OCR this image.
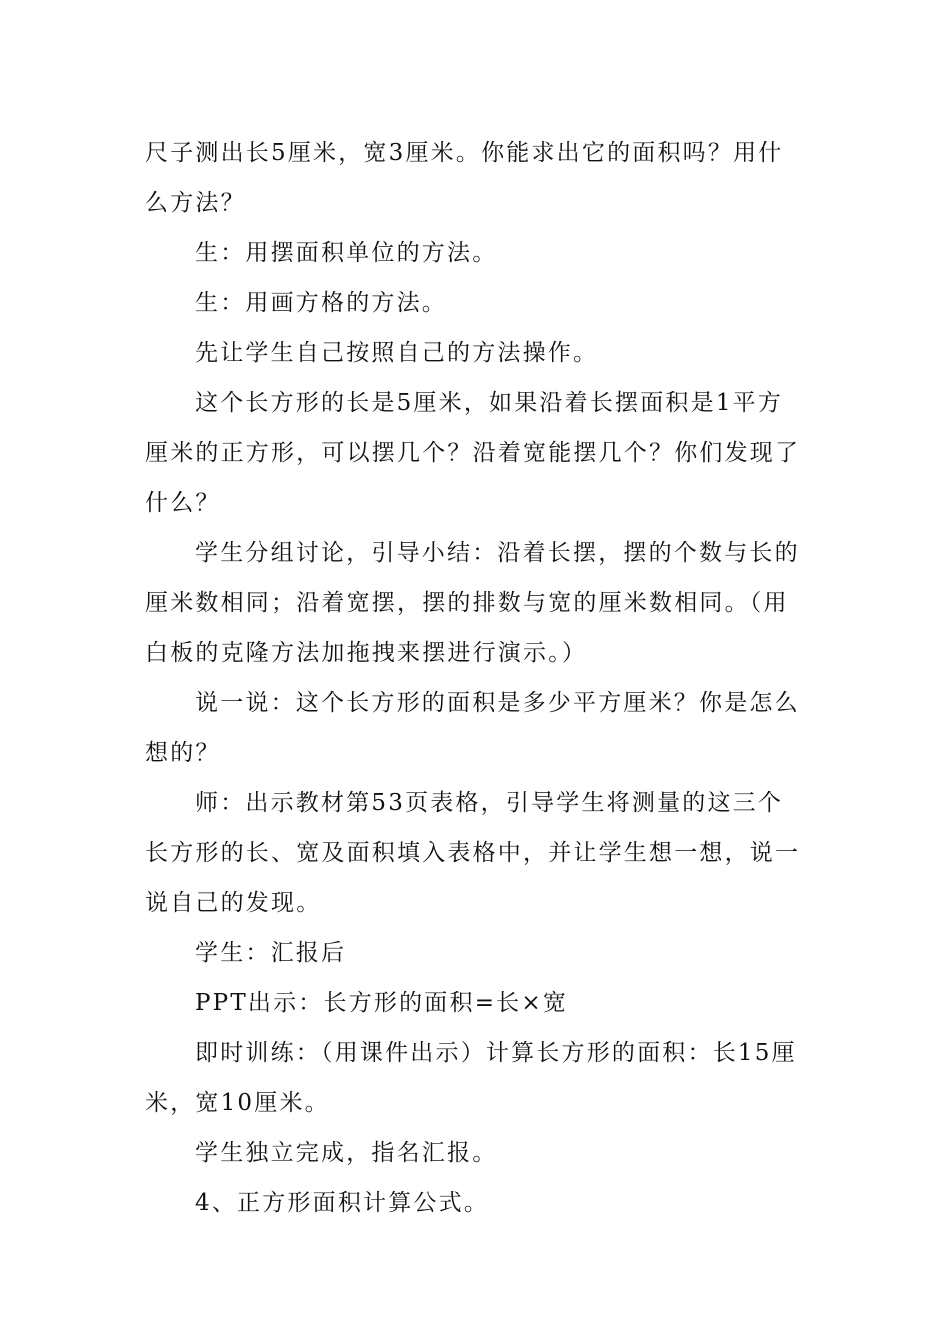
尺子测出长5厘米，宽3厘米。你能求出它的面积吗？用什么方法？

生：用摆面积单位的方法。

生：用画方格的方法。

先让学生自己按照自己的方法操作。

这个长方形的长是5厘米，如果沿着长摆面积是1平方厘米的正方形，可以摆几个？沿着宽能摆几个？你们发现了什么？

学生分组讨论，引导小结：沿着长摆，摆的个数与长的厘米数相同；沿着宽摆，摆的排数与宽的厘米数相同。（用白板的克隆方法加拖拽来摆进行演示。）

说一说：这个长方形的面积是多少平方厘米？你是怎么想的？

师：出示教材第53页表格，引导学生将测量的这三个长方形的长、宽及面积填入表格中，并让学生想一想，说一说自己的发现。

学生：汇报后

PPT出示：长方形的面积=长×宽

即时训练：（用课件出示）计算长方形的面积：长15厘米，宽10厘米。

学生独立完成，指名汇报。

4、正方形面积计算公式。
